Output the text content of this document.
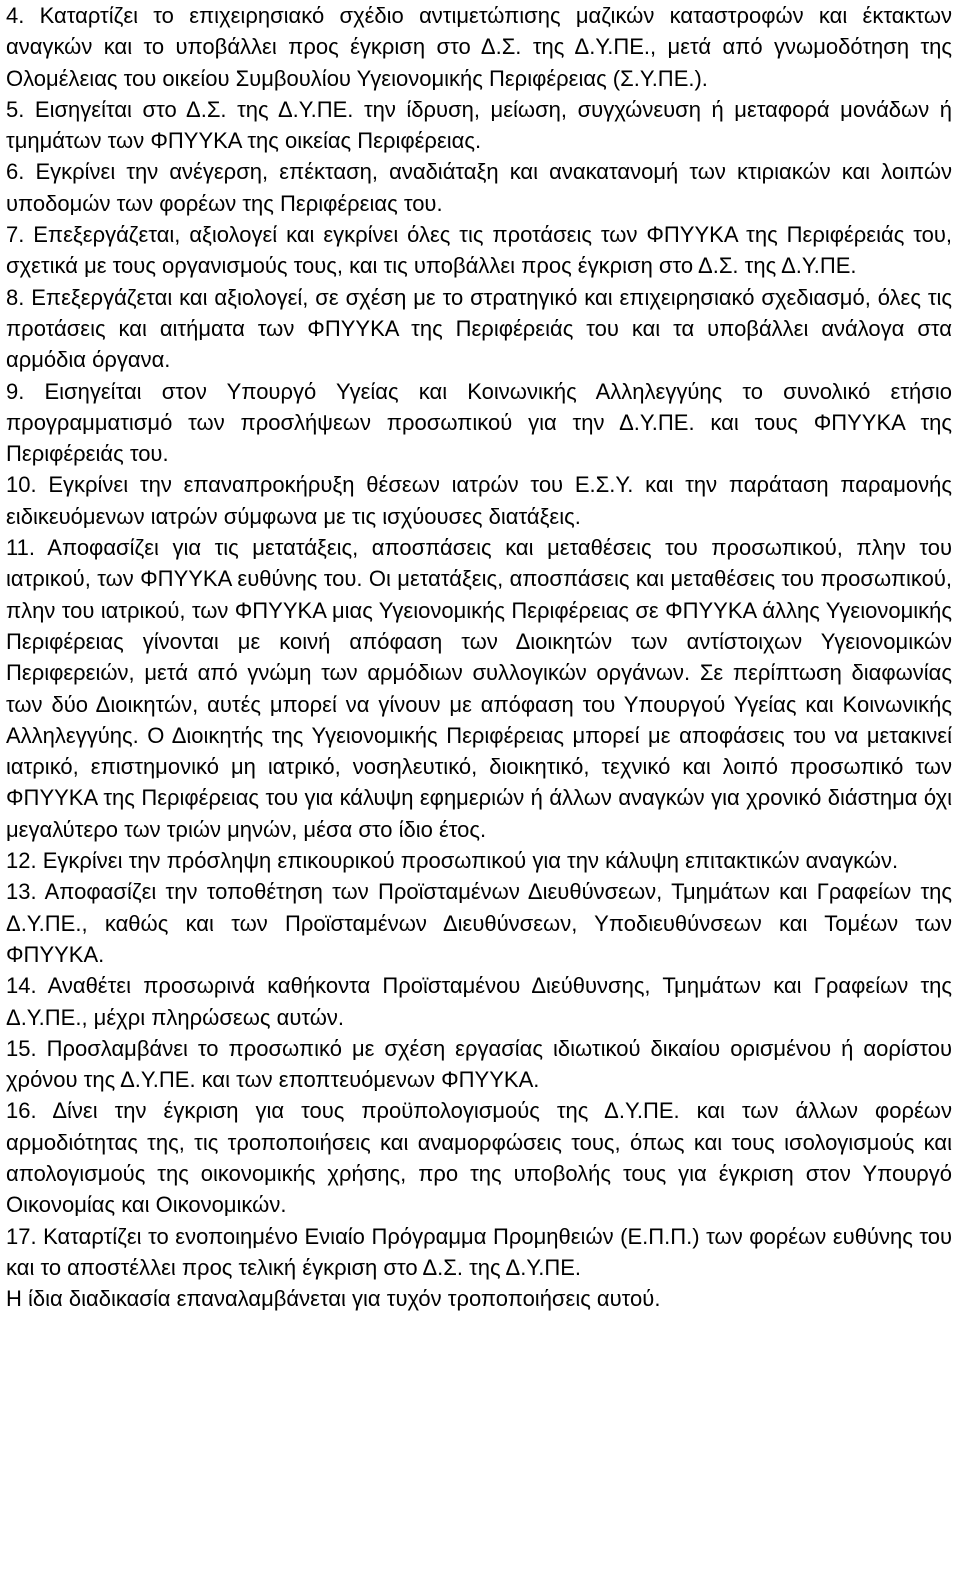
4. Καταρτίζει το επιχειρησιακό σχέδιο αντιμετώπισης μαζικών καταστροφών και έκτακτων αναγκών και το υποβάλλει προς έγκριση στο Δ.Σ. της Δ.Υ.ΠΕ., μετά από γνωμοδότηση της Ολομέλειας του οικείου Συμβουλίου Υγειονομικής Περιφέρειας (Σ.Υ.ΠΕ.).

5. Εισηγείται στο Δ.Σ. της Δ.Υ.ΠΕ. την ίδρυση, μείωση, συγχώνευση ή μεταφορά μονάδων ή τμημάτων των ΦΠΥΥΚΑ της οικείας Περιφέρειας.

6. Εγκρίνει την ανέγερση, επέκταση, αναδιάταξη και ανακατανομή των κτιριακών και λοιπών υποδομών των φορέων της Περιφέρειας του.

7. Επεξεργάζεται, αξιολογεί και εγκρίνει όλες τις προτάσεις των ΦΠΥΥΚΑ της Περιφέρειάς του, σχετικά με τους οργανισμούς τους, και τις υποβάλλει προς έγκριση στο Δ.Σ. της Δ.Υ.ΠΕ.

8. Επεξεργάζεται και αξιολογεί, σε σχέση με το στρατηγικό και επιχειρησιακό σχεδιασμό, όλες τις προτάσεις και αιτήματα των ΦΠΥΥΚΑ της Περιφέρειάς του και τα υποβάλλει ανάλογα στα αρμόδια όργανα.

9. Εισηγείται στον Υπουργό Υγείας και Κοινωνικής Αλληλεγγύης το συνολικό ετήσιο προγραμματισμό των προσλήψεων προσωπικού για την Δ.Υ.ΠΕ. και τους ΦΠΥΥΚΑ της Περιφέρειάς του.

10. Εγκρίνει την επαναπροκήρυξη θέσεων ιατρών του Ε.Σ.Υ. και την παράταση παραμονής ειδικευόμενων ιατρών σύμφωνα με τις ισχύουσες διατάξεις.

11. Αποφασίζει για τις μετατάξεις, αποσπάσεις και μεταθέσεις του προσωπικού, πλην του ιατρικού, των ΦΠΥΥΚΑ ευθύνης του. Οι μετατάξεις, αποσπάσεις και μεταθέσεις του προσωπικού, πλην του ιατρικού, των ΦΠΥΥΚΑ μιας Υγειονομικής Περιφέρειας σε ΦΠΥΥΚΑ άλλης Υγειονομικής Περιφέρειας γίνονται με κοινή απόφαση των Διοικητών των αντίστοιχων Υγειονομικών Περιφερειών, μετά από γνώμη των αρμόδιων συλλογικών οργάνων. Σε περίπτωση διαφωνίας των δύο Διοικητών, αυτές μπορεί να γίνουν με απόφαση του Υπουργού Υγείας και Κοινωνικής Αλληλεγγύης. Ο Διοικητής της Υγειονομικής Περιφέρειας μπορεί με αποφάσεις του να μετακινεί ιατρικό, επιστημονικό μη ιατρικό, νοσηλευτικό, διοικητικό, τεχνικό και λοιπό προσωπικό των ΦΠΥΥΚΑ της Περιφέρειας του για κάλυψη εφημεριών ή άλλων αναγκών για χρονικό διάστημα όχι μεγαλύτερο των τριών μηνών, μέσα στο ίδιο έτος.

12. Εγκρίνει την πρόσληψη επικουρικού προσωπικού για την κάλυψη επιτακτικών αναγκών.

13. Αποφασίζει την τοποθέτηση των Προϊσταμένων Διευθύνσεων, Τμημάτων και Γραφείων της Δ.Υ.ΠΕ., καθώς και των Προϊσταμένων Διευθύνσεων, Υποδιευθύνσεων και Τομέων των ΦΠΥΥΚΑ.

14. Αναθέτει προσωρινά καθήκοντα Προϊσταμένου Διεύθυνσης, Τμημάτων και Γραφείων της Δ.Υ.ΠΕ., μέχρι πληρώσεως αυτών.

15. Προσλαμβάνει το προσωπικό με σχέση εργασίας ιδιωτικού δικαίου ορισμένου ή αορίστου χρόνου της Δ.Υ.ΠΕ. και των εποπτευόμενων ΦΠΥΥΚΑ.

16. Δίνει την έγκριση για τους προϋπολογισμούς της Δ.Υ.ΠΕ. και των άλλων φορέων αρμοδιότητας της, τις τροποποιήσεις και αναμορφώσεις τους, όπως και τους ισολογισμούς και απολογισμούς της οικονομικής χρήσης, προ της υποβολής τους για έγκριση στον Υπουργό Οικονομίας και Οικονομικών.

17. Καταρτίζει το ενοποιημένο Ενιαίο Πρόγραμμα Προμηθειών (Ε.Π.Π.) των φορέων ευθύνης του και το αποστέλλει προς τελική έγκριση στο Δ.Σ. της Δ.Υ.ΠΕ.

Η ίδια διαδικασία επαναλαμβάνεται για τυχόν τροποποιήσεις αυτού.
